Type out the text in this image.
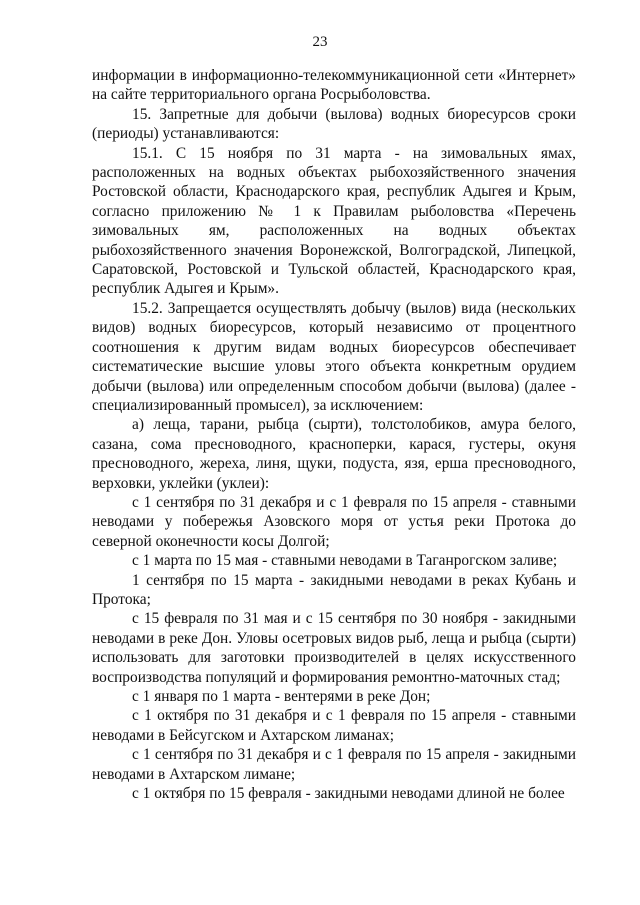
23

информации в информационно-телекоммуникационной сети «Интернет» на сайте территориального органа Росрыболовства.

15. Запретные для добычи (вылова) водных биоресурсов сроки (периоды) устанавливаются:

15.1. С 15 ноября по 31 марта - на зимовальных ямах, расположенных на водных объектах рыбохозяйственного значения Ростовской области, Краснодарского края, республик Адыгея и Крым, согласно приложению № 1 к Правилам рыболовства «Перечень зимовальных ям, расположенных на водных объектах рыбохозяйственного значения Воронежской, Волгоградской, Липецкой, Саратовской, Ростовской и Тульской областей, Краснодарского края, республик Адыгея и Крым».

15.2. Запрещается осуществлять добычу (вылов) вида (нескольких видов) водных биоресурсов, который независимо от процентного соотношения к другим видам водных биоресурсов обеспечивает систематические высшие уловы этого объекта конкретным орудием добычи (вылова) или определенным способом добычи (вылова) (далее - специализированный промысел), за исключением:

а) леща, тарани, рыбца (сырти), толстолобиков, амура белого, сазана, сома пресноводного, красноперки, карася, густеры, окуня пресноводного, жереха, линя, щуки, подуста, язя, ерша пресноводного, верховки, уклейки (уклеи):

с 1 сентября по 31 декабря и с 1 февраля по 15 апреля - ставными неводами у побережья Азовского моря от устья реки Протока до северной оконечности косы Долгой;

с 1 марта по 15 мая - ставными неводами в Таганрогском заливе;

1 сентября по 15 марта - закидными неводами в реках Кубань и Протока;

с 15 февраля по 31 мая и с 15 сентября по 30 ноября - закидными неводами в реке Дон. Уловы осетровых видов рыб, леща и рыбца (сырти) использовать для заготовки производителей в целях искусственного воспроизводства популяций и формирования ремонтно-маточных стад;

с 1 января по 1 марта - вентерями в реке Дон;

с 1 октября по 31 декабря и с 1 февраля по 15 апреля - ставными неводами в Бейсугском и Ахтарском лиманах;

с 1 сентября по 31 декабря и с 1 февраля по 15 апреля - закидными неводами в Ахтарском лимане;

с 1 октября по 15 февраля - закидными неводами длиной не более
